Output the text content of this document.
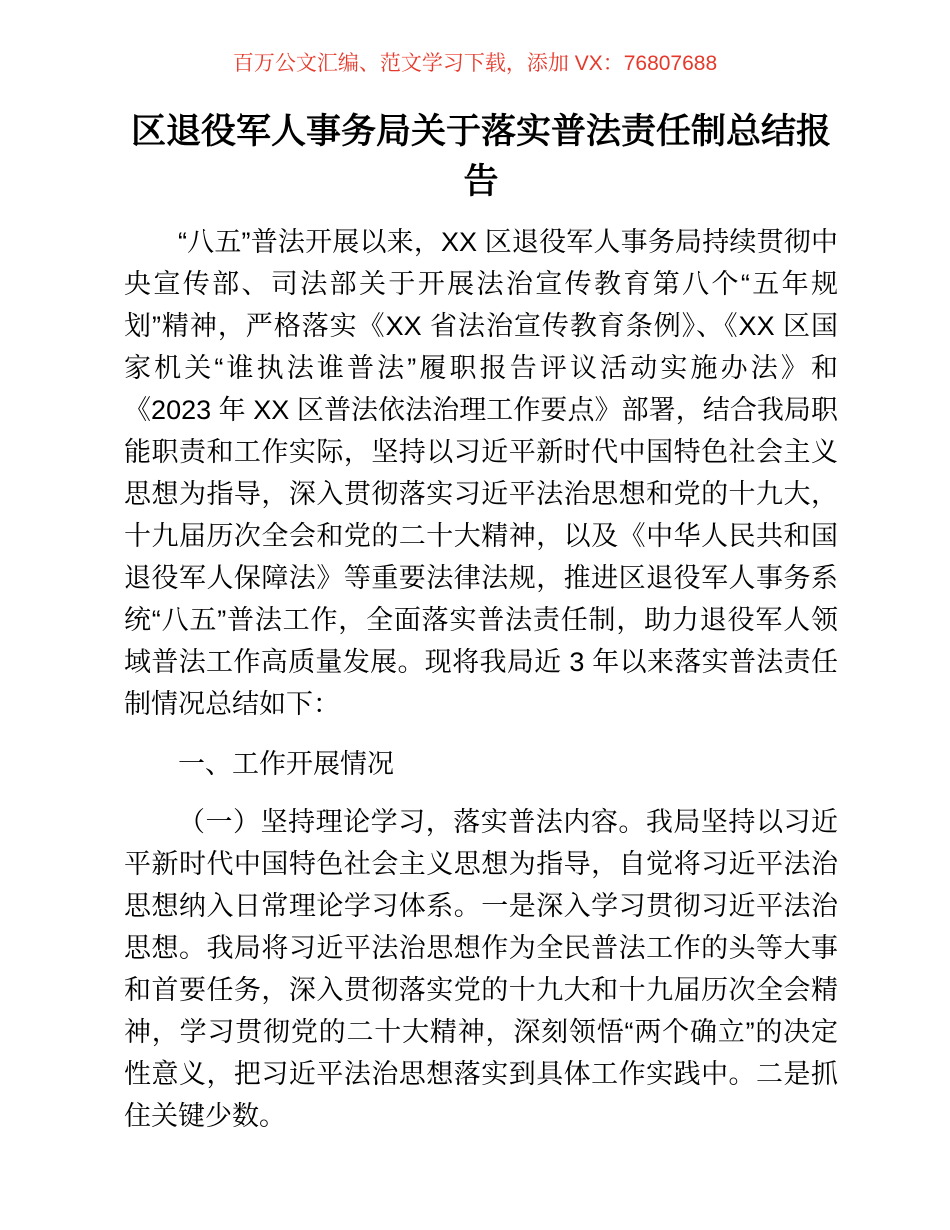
百万公文汇编、范文学习下载，添加 VX：76807688
区退役军人事务局关于落实普法责任制总结报告

“八五”普法开展以来，XX 区退役军人事务局持续贯彻中央宣传部、司法部关于开展法治宣传教育第八个“五年规划”精神，严格落实《XX 省法治宣传教育条例》、《XX 区国家机关“谁执法谁普法”履职报告评议活动实施办法》和《2023 年 XX 区普法依法治理工作要点》部署，结合我局职能职责和工作实际，坚持以习近平新时代中国特色社会主义思想为指导，深入贯彻落实习近平法治思想和党的十九大，十九届历次全会和党的二十大精神，以及《中华人民共和国退役军人保障法》等重要法律法规，推进区退役军人事务系统“八五”普法工作，全面落实普法责任制，助力退役军人领域普法工作高质量发展。现将我局近 3 年以来落实普法责任制情况总结如下：

一、工作开展情况

（一）坚持理论学习，落实普法内容。我局坚持以习近平新时代中国特色社会主义思想为指导，自觉将习近平法治思想纳入日常理论学习体系。一是深入学习贯彻习近平法治思想。我局将习近平法治思想作为全民普法工作的头等大事和首要任务，深入贯彻落实党的十九大和十九届历次全会精神，学习贯彻党的二十大精神，深刻领悟“两个确立”的决定性意义，把习近平法治思想落实到具体工作实践中。二是抓住关键少数。
